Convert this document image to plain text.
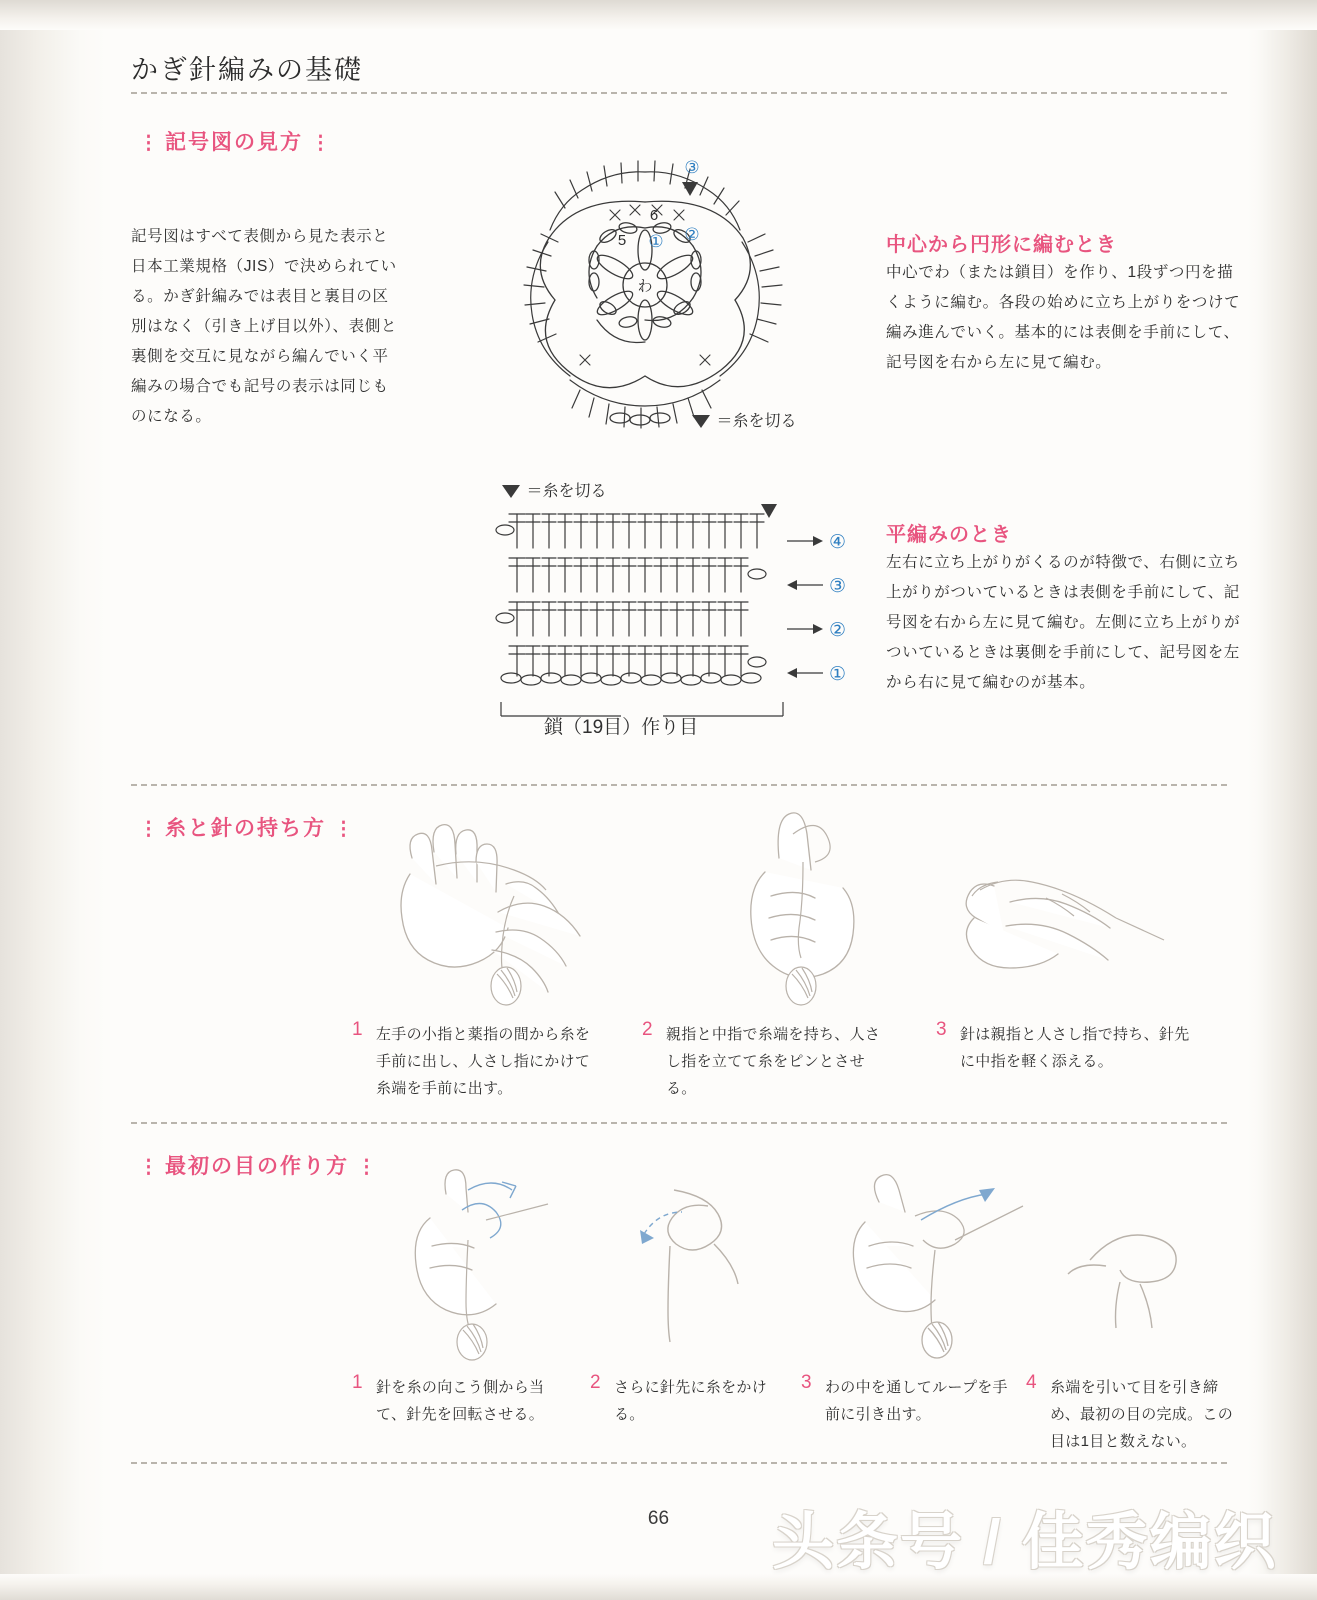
かぎ針編みの基礎
⋮ 記号図の見方⋮
記号図はすべて表側から見た表示と日本工業規格（JIS）で決められている。かぎ針編みでは表目と裏目の区別はなく（引き上げ目以外）、表側と裏側を交互に見ながら編んでいく平編みの場合でも記号の表示は同じものになる。
わ
5
6
① ②
③
＝糸を切る
中心から円形に編むとき
中心でわ（または鎖目）を作り、1段ずつ円を描くように編む。各段の始めに立ち上がりをつけて編み進んでいく。基本的には表側を手前にして、記号図を右から左に見て編む。
＝糸を切る
④
③
②
①
鎖（19目）作り目
平編みのとき
左右に立ち上がりがくるのが特徴で、右側に立ち上がりがついているときは表側を手前にして、記号図を右から左に見て編む。左側に立ち上がりがついているときは裏側を手前にして、記号図を左から右に見て編むのが基本。
⋮ 糸と針の持ち方⋮
1 左手の小指と薬指の間から糸を手前に出し、人さし指にかけて糸端を手前に出す。
2 親指と中指で糸端を持ち、人さし指を立てて糸をピンとさせる。
3 針は親指と人さし指で持ち、針先に中指を軽く添える。
⋮ 最初の目の作り方⋮
1 針を糸の向こう側から当て、針先を回転させる。
2 さらに針先に糸をかける。
3 わの中を通してループを手前に引き出す。
4 糸端を引いて目を引き締め、最初の目の完成。この目は1目と数えない。
66	头条号 / 佳秀编织
